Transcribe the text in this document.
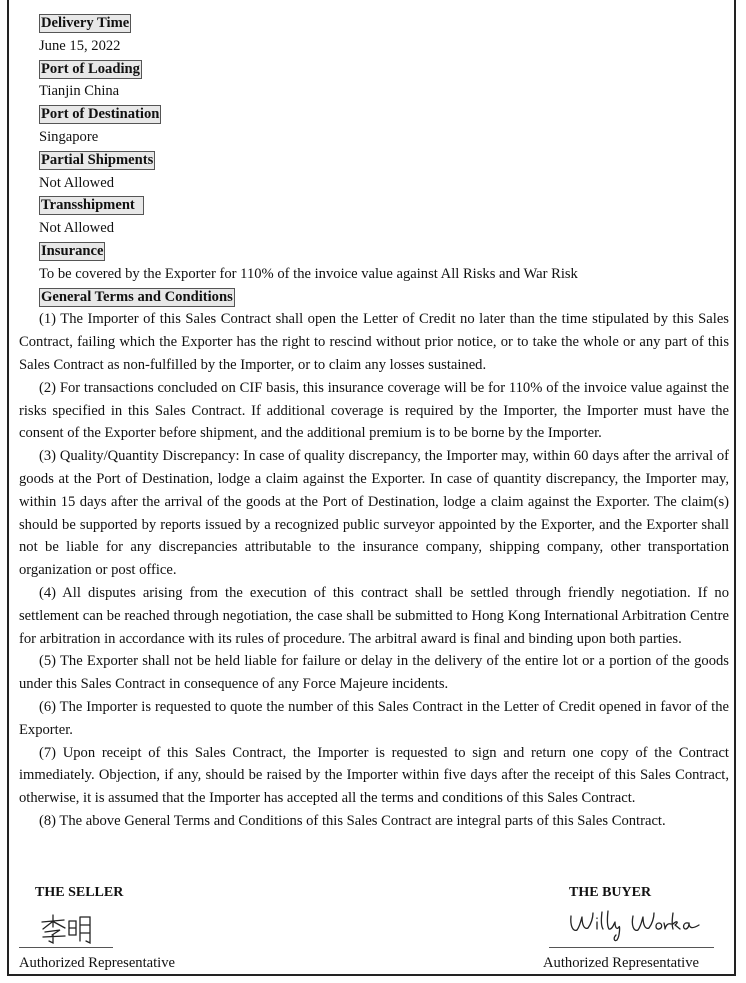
Delivery Time
June 15, 2022
Port of Loading
Tianjin China
Port of Destination
Singapore
Partial Shipments
Not Allowed
Transshipment
Not Allowed
Insurance
To be covered by the Exporter for 110% of the invoice value against All Risks and War Risk
General Terms and Conditions

(1) The Importer of this Sales Contract shall open the Letter of Credit no later than the time stipulated by this Sales Contract, failing which the Exporter has the right to rescind without prior notice, or to take the whole or any part of this Sales Contract as non-fulfilled by the Importer, or to claim any losses sustained.

(2) For transactions concluded on CIF basis, this insurance coverage will be for 110% of the invoice value against the risks specified in this Sales Contract. If additional coverage is required by the Importer, the Importer must have the consent of the Exporter before shipment, and the additional premium is to be borne by the Importer.

(3) Quality/Quantity Discrepancy: In case of quality discrepancy, the Importer may, within 60 days after the arrival of goods at the Port of Destination, lodge a claim against the Exporter. In case of quantity discrepancy, the Importer may, within 15 days after the arrival of the goods at the Port of Destination, lodge a claim against the Exporter. The claim(s) should be supported by reports issued by a recognized public surveyor appointed by the Exporter, and the Exporter shall not be liable for any discrepancies attributable to the insurance company, shipping company, other transportation organization or post office.

(4) All disputes arising from the execution of this contract shall be settled through friendly negotiation. If no settlement can be reached through negotiation, the case shall be submitted to Hong Kong International Arbitration Centre for arbitration in accordance with its rules of procedure. The arbitral award is final and binding upon both parties.

(5) The Exporter shall not be held liable for failure or delay in the delivery of the entire lot or a portion of the goods under this Sales Contract in consequence of any Force Majeure incidents.

(6) The Importer is requested to quote the number of this Sales Contract in the Letter of Credit opened in favor of the Exporter.

(7) Upon receipt of this Sales Contract, the Importer is requested to sign and return one copy of the Contract immediately. Objection, if any, should be raised by the Importer within five days after the receipt of this Sales Contract, otherwise, it is assumed that the Importer has accepted all the terms and conditions of this Sales Contract.

(8) The above General Terms and Conditions of this Sales Contract are integral parts of this Sales Contract.

THE SELLER
Authorized Representative
THE BUYER
Authorized Representative
